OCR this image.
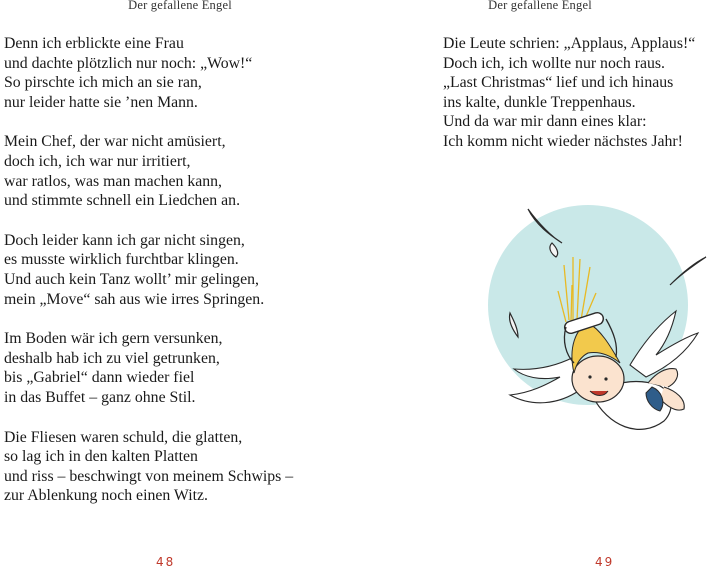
Der gefallene Engel
Denn ich erblickte eine Frau
und dachte plötzlich nur noch: „Wow!“
So pirschte ich mich an sie ran,
nur leider hatte sie ’nen Mann.
Mein Chef, der war nicht amüsiert,
doch ich, ich war nur irritiert,
war ratlos, was man machen kann,
und stimmte schnell ein Liedchen an.
Doch leider kann ich gar nicht singen,
es musste wirklich furchtbar klingen.
Und auch kein Tanz wollt’ mir gelingen,
mein „Move“ sah aus wie irres Springen.
Im Boden wär ich gern versunken,
deshalb hab ich zu viel getrunken,
bis „Gabriel“ dann wieder fiel
in das Buffet – ganz ohne Stil.
Die Fliesen waren schuld, die glatten,
so lag ich in den kalten Platten
und riss – beschwingt von meinem Schwips –
zur Ablenkung noch einen Witz.
48
Der gefallene Engel
Die Leute schrien: „Applaus, Applaus!“
Doch ich, ich wollte nur noch raus.
„Last Christmas“ lief und ich hinaus
ins kalte, dunkle Treppenhaus.
Und da war mir dann eines klar:
Ich komm nicht wieder nächstes Jahr!
49
